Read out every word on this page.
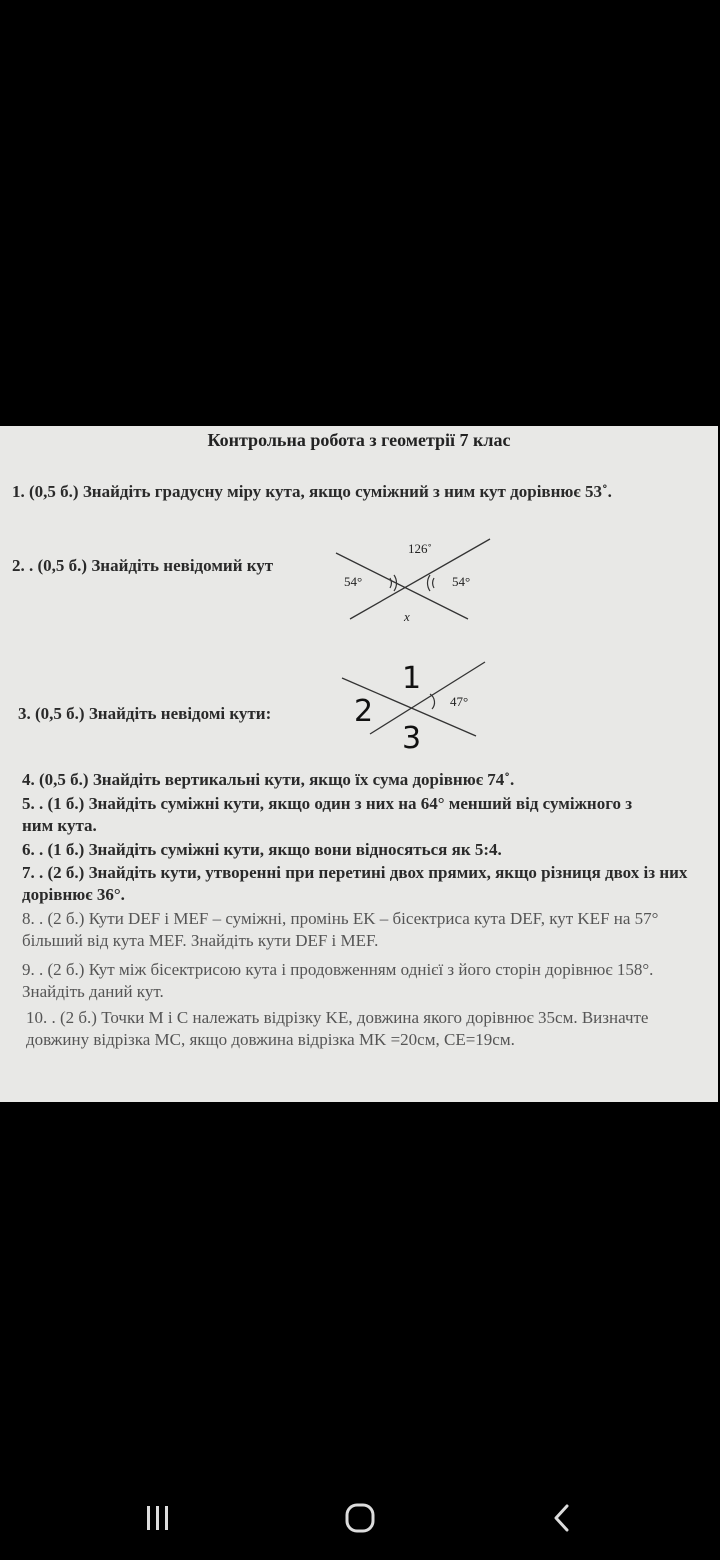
Контрольна робота з геометрії 7 клас
1. (0,5 б.) Знайдіть градусну міру кута, якщо суміжний з ним кут дорівнює 53˚.
2. . (0,5 б.) Знайдіть невідомий кут
126˚
54°	54°
x
3. (0,5 б.) Знайдіть невідомі кути:
1
2
3
47°
4. (0,5 б.) Знайдіть вертикальні кути, якщо їх сума дорівнює 74˚.
5. . (1 б.) Знайдіть суміжні кути, якщо один з них на 64° менший від суміжного з ним кута.
6. . (1 б.) Знайдіть суміжні кути, якщо вони відносяться як 5:4.
7. . (2 б.) Знайдіть кути, утворенні при перетині двох прямих, якщо різниця двох із них дорівнює 36°.
8. . (2 б.) Кути DEF і MEF – суміжні, промінь EK – бісектриса кута DEF, кут KEF на 57° більший від кута MEF. Знайдіть кути DEF і MEF.
9. . (2 б.) Кут між бісектрисою кута і продовженням однієї з його сторін дорівнює 158°. Знайдіть даний кут.
10. . (2 б.) Точки M і C належать відрізку KE, довжина якого дорівнює 35см. Визначте довжину відрізка MC, якщо довжина відрізка MK =20см, CE=19см.
